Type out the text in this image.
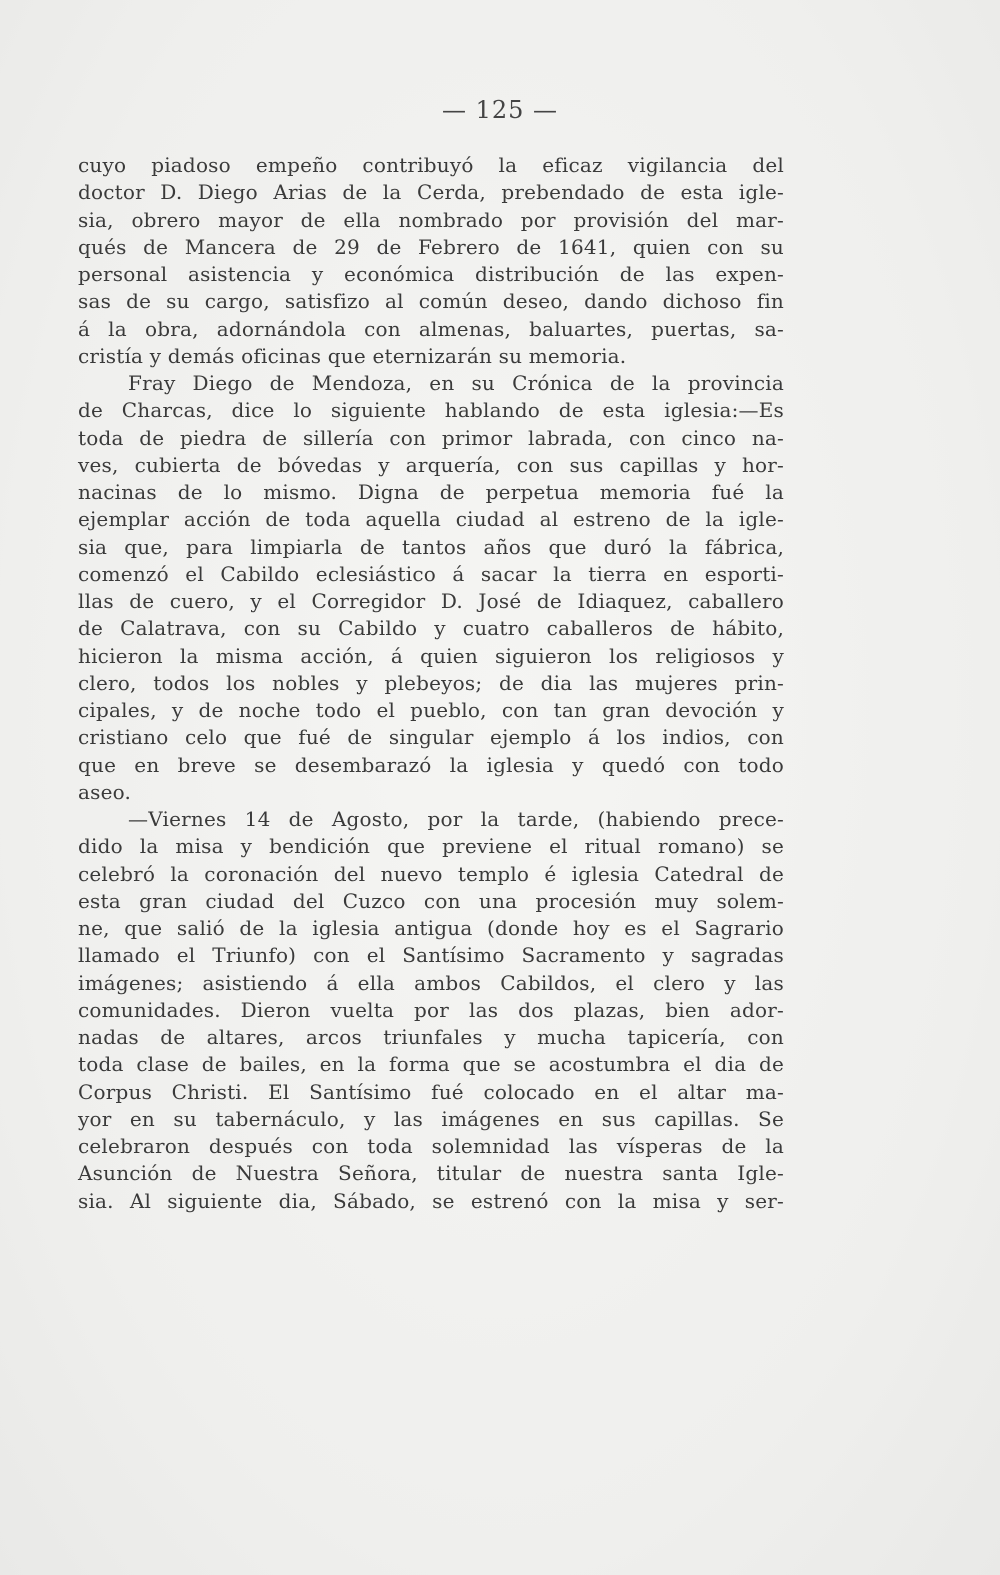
— 125 —
cuyo piadoso empeño contribuyó la eficaz vigilancia del
doctor D. Diego Arias de la Cerda, prebendado de esta igle-
sia, obrero mayor de ella nombrado por provisión del mar-
qués de Mancera de 29 de Febrero de 1641, quien con su
personal asistencia y económica distribución de las expen-
sas de su cargo, satisfizo al común deseo, dando dichoso fin
á la obra, adornándola con almenas, baluartes, puertas, sa-
cristía y demás oficinas que eternizarán su memoria.
Fray Diego de Mendoza, en su Crónica de la provincia
de Charcas, dice lo siguiente hablando de esta iglesia:—Es
toda de piedra de sillería con primor labrada, con cinco na-
ves, cubierta de bóvedas y arquería, con sus capillas y hor-
nacinas de lo mismo. Digna de perpetua memoria fué la
ejemplar acción de toda aquella ciudad al estreno de la igle-
sia que, para limpiarla de tantos años que duró la fábrica,
comenzó el Cabildo eclesiástico á sacar la tierra en esporti-
llas de cuero, y el Corregidor D. José de Idiaquez, caballero
de Calatrava, con su Cabildo y cuatro caballeros de hábito,
hicieron la misma acción, á quien siguieron los religiosos y
clero, todos los nobles y plebeyos; de dia las mujeres prin-
cipales, y de noche todo el pueblo, con tan gran devoción y
cristiano celo que fué de singular ejemplo á los indios, con
que en breve se desembarazó la iglesia y quedó con todo
aseo.
—Viernes 14 de Agosto, por la tarde, (habiendo prece-
dido la misa y bendición que previene el ritual romano) se
celebró la coronación del nuevo templo é iglesia Catedral de
esta gran ciudad del Cuzco con una procesión muy solem-
ne, que salió de la iglesia antigua (donde hoy es el Sagrario
llamado el Triunfo) con el Santísimo Sacramento y sagradas
imágenes; asistiendo á ella ambos Cabildos, el clero y las
comunidades. Dieron vuelta por las dos plazas, bien ador-
nadas de altares, arcos triunfales y mucha tapicería, con
toda clase de bailes, en la forma que se acostumbra el dia de
Corpus Christi. El Santísimo fué colocado en el altar ma-
yor en su tabernáculo, y las imágenes en sus capillas. Se
celebraron después con toda solemnidad las vísperas de la
Asunción de Nuestra Señora, titular de nuestra santa Igle-
sia. Al siguiente dia, Sábado, se estrenó con la misa y ser-
